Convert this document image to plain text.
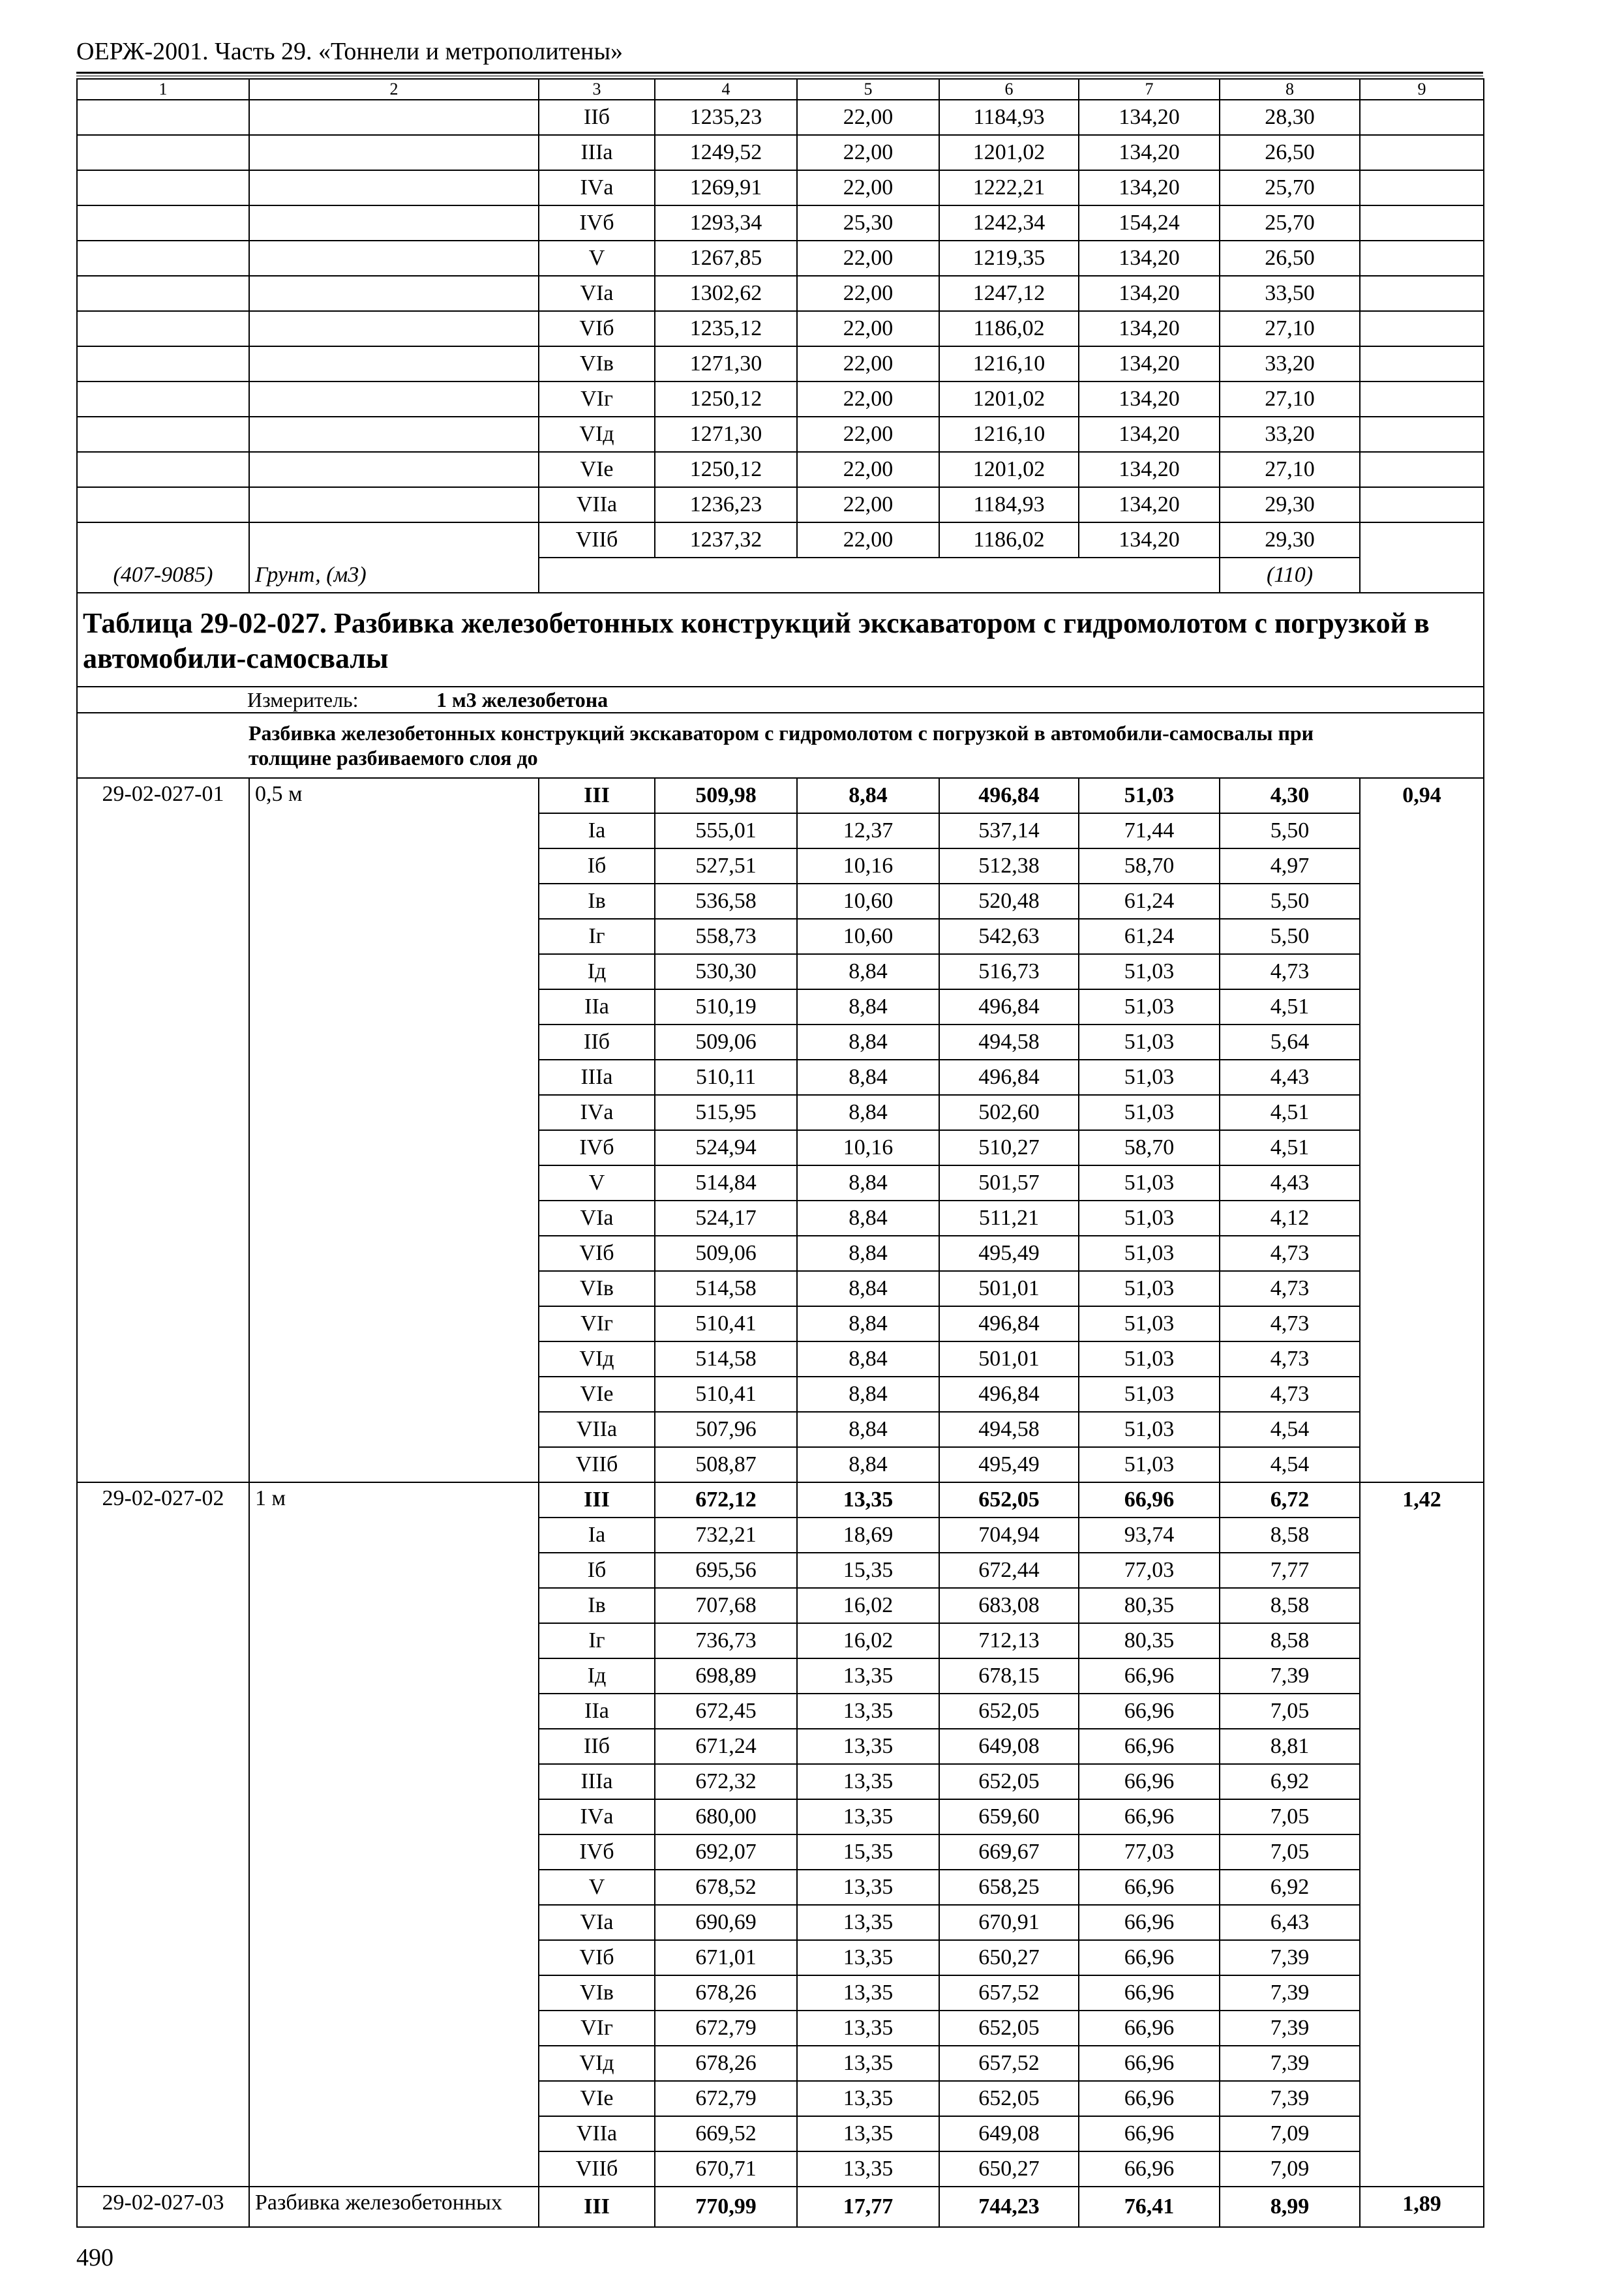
ОЕРЖ-2001. Часть 29. «Тоннели и метрополитены»
1	2	3	4	5	6	7	8	9
		IIб	1235,23	22,00	1184,93	134,20	28,30	
		IIIа	1249,52	22,00	1201,02	134,20	26,50	
		IVа	1269,91	22,00	1222,21	134,20	25,70	
		IVб	1293,34	25,30	1242,34	154,24	25,70	
		V	1267,85	22,00	1219,35	134,20	26,50	
		VIа	1302,62	22,00	1247,12	134,20	33,50	
		VIб	1235,12	22,00	1186,02	134,20	27,10	
		VIв	1271,30	22,00	1216,10	134,20	33,20	
		VIг	1250,12	22,00	1201,02	134,20	27,10	
		VIд	1271,30	22,00	1216,10	134,20	33,20	
		VIе	1250,12	22,00	1201,02	134,20	27,10	
		VIIа	1236,23	22,00	1184,93	134,20	29,30	
		VIIб	1237,32	22,00	1186,02	134,20	29,30	
(407-9085)	Грунт, (м3)						(110)	
Таблица 29-02-027. Разбивка железобетонных конструкций экскаватором с гидромолотом с погрузкой в автомобили-самосвалы								
Измеритель: 1 м3 железобетона								
Разбивка железобетонных конструкций экскаватором с гидромолотом с погрузкой в автомобили-самосвалы при толщине разбиваемого слоя до								
29-02-027-01	0,5 м	III	509,98	8,84	496,84	51,03	4,30	0,94
		Iа	555,01	12,37	537,14	71,44	5,50	
		Iб	527,51	10,16	512,38	58,70	4,97	
		Iв	536,58	10,60	520,48	61,24	5,50	
		Iг	558,73	10,60	542,63	61,24	5,50	
		Iд	530,30	8,84	516,73	51,03	4,73	
		IIа	510,19	8,84	496,84	51,03	4,51	
		IIб	509,06	8,84	494,58	51,03	5,64	
		IIIа	510,11	8,84	496,84	51,03	4,43	
		IVа	515,95	8,84	502,60	51,03	4,51	
		IVб	524,94	10,16	510,27	58,70	4,51	
		V	514,84	8,84	501,57	51,03	4,43	
		VIа	524,17	8,84	511,21	51,03	4,12	
		VIб	509,06	8,84	495,49	51,03	4,73	
		VIв	514,58	8,84	501,01	51,03	4,73	
		VIг	510,41	8,84	496,84	51,03	4,73	
		VIд	514,58	8,84	501,01	51,03	4,73	
		VIе	510,41	8,84	496,84	51,03	4,73	
		VIIа	507,96	8,84	494,58	51,03	4,54	
		VIIб	508,87	8,84	495,49	51,03	4,54	
29-02-027-02	1 м	III	672,12	13,35	652,05	66,96	6,72	1,42
		Iа	732,21	18,69	704,94	93,74	8,58	
		Iб	695,56	15,35	672,44	77,03	7,77	
		Iв	707,68	16,02	683,08	80,35	8,58	
		Iг	736,73	16,02	712,13	80,35	8,58	
		Iд	698,89	13,35	678,15	66,96	7,39	
		IIа	672,45	13,35	652,05	66,96	7,05	
		IIб	671,24	13,35	649,08	66,96	8,81	
		IIIа	672,32	13,35	652,05	66,96	6,92	
		IVа	680,00	13,35	659,60	66,96	7,05	
		IVб	692,07	15,35	669,67	77,03	7,05	
		V	678,52	13,35	658,25	66,96	6,92	
		VIа	690,69	13,35	670,91	66,96	6,43	
		VIб	671,01	13,35	650,27	66,96	7,39	
		VIв	678,26	13,35	657,52	66,96	7,39	
		VIг	672,79	13,35	652,05	66,96	7,39	
		VIд	678,26	13,35	657,52	66,96	7,39	
		VIе	672,79	13,35	652,05	66,96	7,39	
		VIIа	669,52	13,35	649,08	66,96	7,09	
		VIIб	670,71	13,35	650,27	66,96	7,09	
29-02-027-03	Разбивка железобетонных	III	770,99	17,77	744,23	76,41	8,99	1,89
490
